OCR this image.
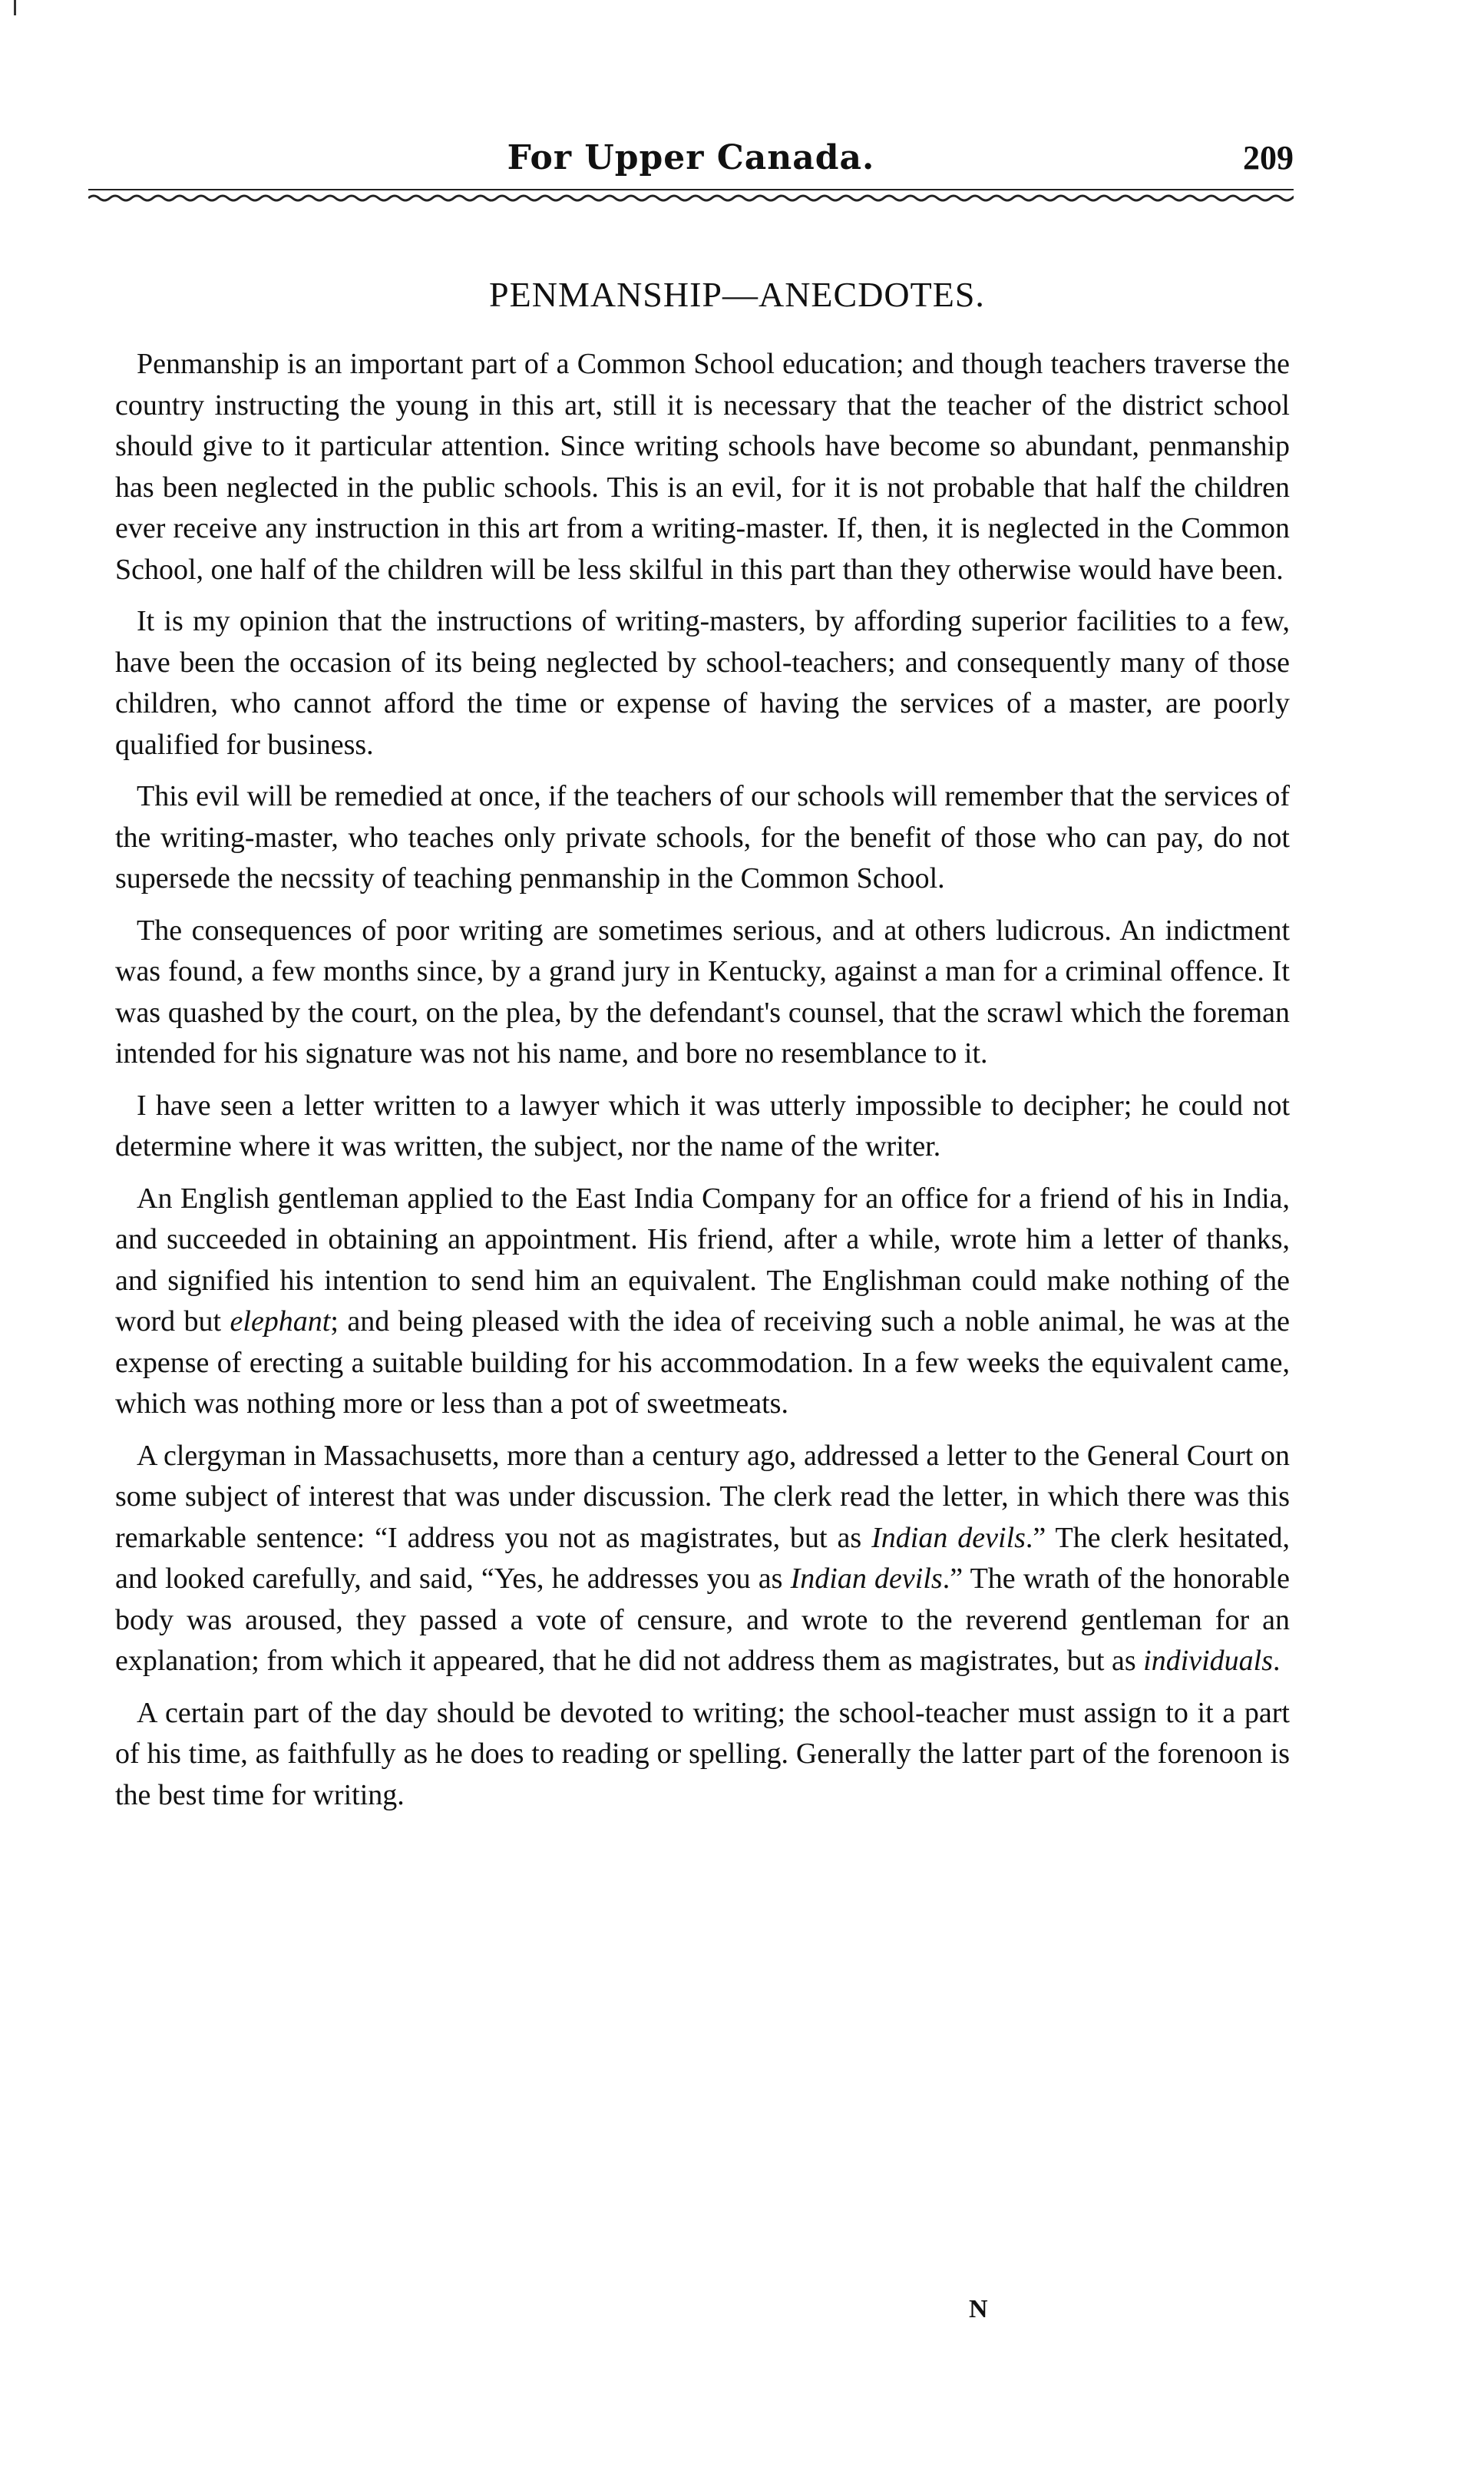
For Upper Canada.	209
PENMANSHIP—ANECDOTES.

Penmanship is an important part of a Common School education; and though teachers traverse the country instructing the young in this art, still it is necessary that the teacher of the district school should give to it particular attention. Since writing schools have become so abundant, penmanship has been neglected in the public schools. This is an evil, for it is not probable that half the children ever receive any instruction in this art from a writing-master. If, then, it is neglected in the Common School, one half of the children will be less skilful in this part than they otherwise would have been.

It is my opinion that the instructions of writing-masters, by affording superior facilities to a few, have been the occasion of its being neglected by school-teachers; and consequently many of those children, who cannot afford the time or expense of having the services of a master, are poorly qualified for business.

This evil will be remedied at once, if the teachers of our schools will remember that the services of the writing-master, who teaches only private schools, for the benefit of those who can pay, do not supersede the necssity of teaching penmanship in the Common School.

The consequences of poor writing are sometimes serious, and at others ludicrous. An indictment was found, a few months since, by a grand jury in Kentucky, against a man for a criminal offence. It was quashed by the court, on the plea, by the defendant's counsel, that the scrawl which the foreman intended for his signature was not his name, and bore no resemblance to it.

I have seen a letter written to a lawyer which it was utterly impossible to decipher; he could not determine where it was written, the subject, nor the name of the writer.

An English gentleman applied to the East India Company for an office for a friend of his in India, and succeeded in obtaining an appointment. His friend, after a while, wrote him a letter of thanks, and signified his intention to send him an equivalent. The Englishman could make nothing of the word but elephant; and being pleased with the idea of receiving such a noble animal, he was at the expense of erecting a suitable building for his accommodation. In a few weeks the equivalent came, which was nothing more or less than a pot of sweetmeats.

A clergyman in Massachusetts, more than a century ago, addressed a letter to the General Court on some subject of interest that was under discussion. The clerk read the letter, in which there was this remarkable sentence: “I address you not as magistrates, but as Indian devils.” The clerk hesitated, and looked carefully, and said, “Yes, he addresses you as Indian devils.” The wrath of the honorable body was aroused, they passed a vote of censure, and wrote to the reverend gentleman for an explanation; from which it appeared, that he did not address them as magistrates, but as individuals.

A certain part of the day should be devoted to writing; the school-teacher must assign to it a part of his time, as faithfully as he does to reading or spelling. Generally the latter part of the forenoon is the best time for writing.

N
